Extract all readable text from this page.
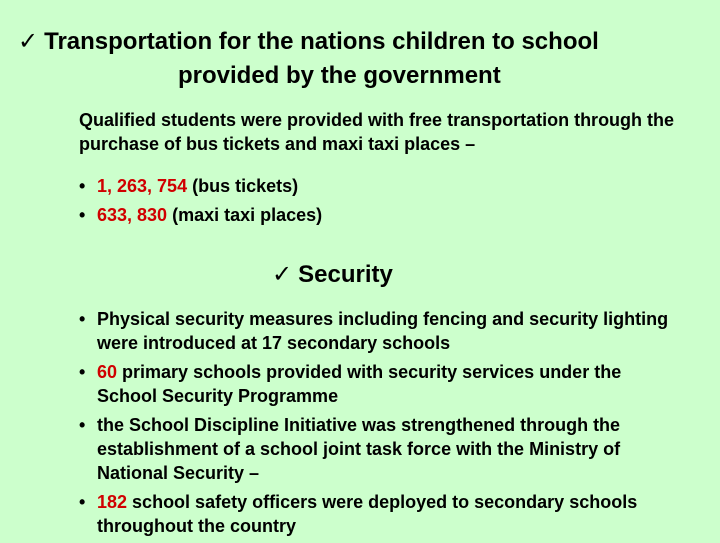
✓ Transportation for the nations children to school
provided by the government
Qualified students were provided with free transportation through the purchase of bus tickets and maxi taxi places –
• 1, 263, 754 (bus tickets)
• 633, 830 (maxi taxi places)
✓ Security
• Physical security measures including fencing and security lighting were introduced at 17 secondary schools
• 60 primary schools provided with security services under the School Security Programme
• the School Discipline Initiative was strengthened through the establishment of a school joint task force with the Ministry of National Security –
• 182 school safety officers were deployed to secondary schools throughout the country
